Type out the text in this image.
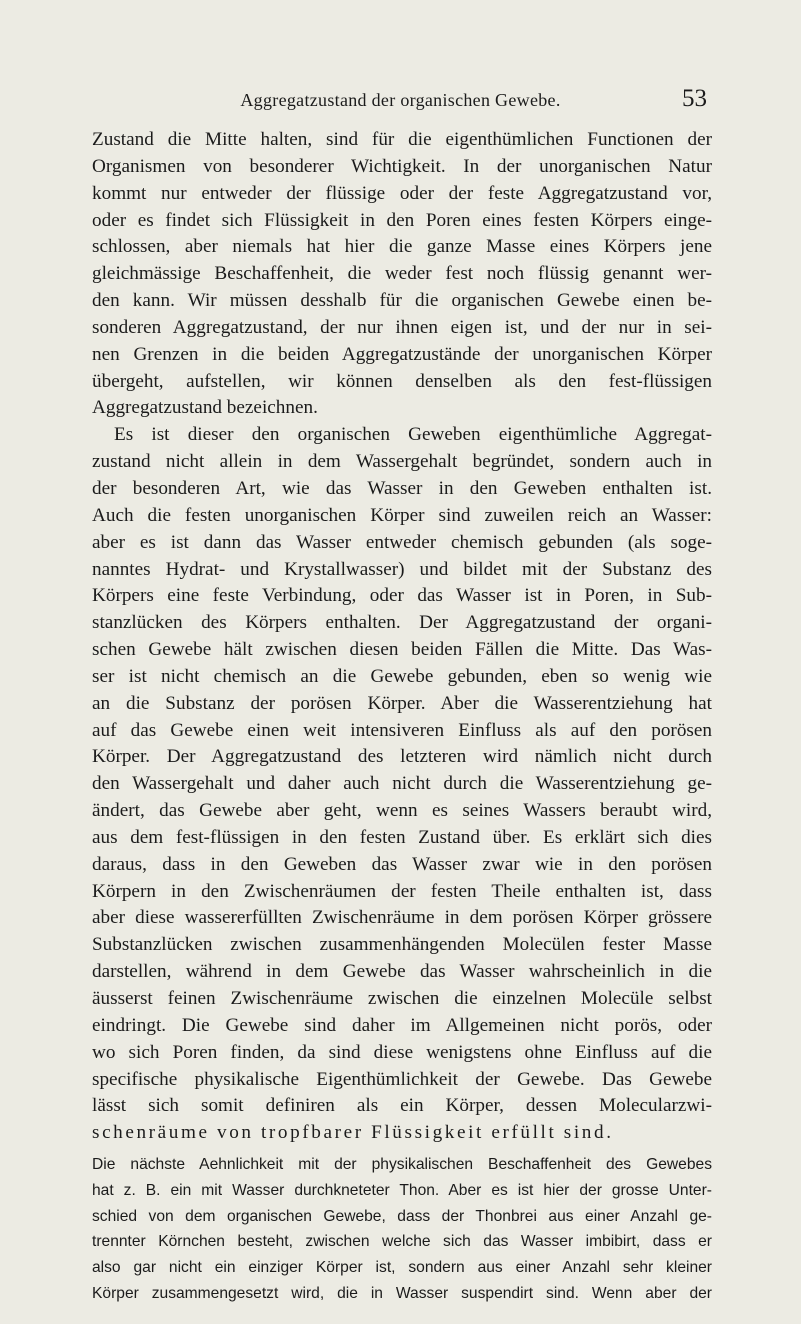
Aggregatzustand der organischen Gewebe.	53
Zustand die Mitte halten, sind für die eigenthümlichen Functionen der
Organismen von besonderer Wichtigkeit. In der unorganischen Natur
kommt nur entweder der flüssige oder der feste Aggregatzustand vor,
oder es findet sich Flüssigkeit in den Poren eines festen Körpers einge-
schlossen, aber niemals hat hier die ganze Masse eines Körpers jene
gleichmässige Beschaffenheit, die weder fest noch flüssig genannt wer-
den kann. Wir müssen desshalb für die organischen Gewebe einen be-
sonderen Aggregatzustand, der nur ihnen eigen ist, und der nur in sei-
nen Grenzen in die beiden Aggregatzustände der unorganischen Körper
übergeht, aufstellen, wir können denselben als den fest-flüssigen
Aggregatzustand bezeichnen.
Es ist dieser den organischen Geweben eigenthümliche Aggregat-
zustand nicht allein in dem Wassergehalt begründet, sondern auch in
der besonderen Art, wie das Wasser in den Geweben enthalten ist.
Auch die festen unorganischen Körper sind zuweilen reich an Wasser:
aber es ist dann das Wasser entweder chemisch gebunden (als soge-
nanntes Hydrat- und Krystallwasser) und bildet mit der Substanz des
Körpers eine feste Verbindung, oder das Wasser ist in Poren, in Sub-
stanzlücken des Körpers enthalten. Der Aggregatzustand der organi-
schen Gewebe hält zwischen diesen beiden Fällen die Mitte. Das Was-
ser ist nicht chemisch an die Gewebe gebunden, eben so wenig wie
an die Substanz der porösen Körper. Aber die Wasserentziehung hat
auf das Gewebe einen weit intensiveren Einfluss als auf den porösen
Körper. Der Aggregatzustand des letzteren wird nämlich nicht durch
den Wassergehalt und daher auch nicht durch die Wasserentziehung ge-
ändert, das Gewebe aber geht, wenn es seines Wassers beraubt wird,
aus dem fest-flüssigen in den festen Zustand über. Es erklärt sich dies
daraus, dass in den Geweben das Wasser zwar wie in den porösen
Körpern in den Zwischenräumen der festen Theile enthalten ist, dass
aber diese wassererfüllten Zwischenräume in dem porösen Körper grössere
Substanzlücken zwischen zusammenhängenden Molecülen fester Masse
darstellen, während in dem Gewebe das Wasser wahrscheinlich in die
äusserst feinen Zwischenräume zwischen die einzelnen Molecüle selbst
eindringt. Die Gewebe sind daher im Allgemeinen nicht porös, oder
wo sich Poren finden, da sind diese wenigstens ohne Einfluss auf die
specifische physikalische Eigenthümlichkeit der Gewebe. Das Gewebe
lässt sich somit definiren als ein Körper, dessen Molecularzwi-
schenräume von tropfbarer Flüssigkeit erfüllt sind.
Die nächste Aehnlichkeit mit der physikalischen Beschaffenheit des Gewebes
hat z. B. ein mit Wasser durchkneteter Thon. Aber es ist hier der grosse Unter-
schied von dem organischen Gewebe, dass der Thonbrei aus einer Anzahl ge-
trennter Körnchen besteht, zwischen welche sich das Wasser imbibirt, dass er
also gar nicht ein einziger Körper ist, sondern aus einer Anzahl sehr kleiner
Körper zusammengesetzt wird, die in Wasser suspendirt sind. Wenn aber der
